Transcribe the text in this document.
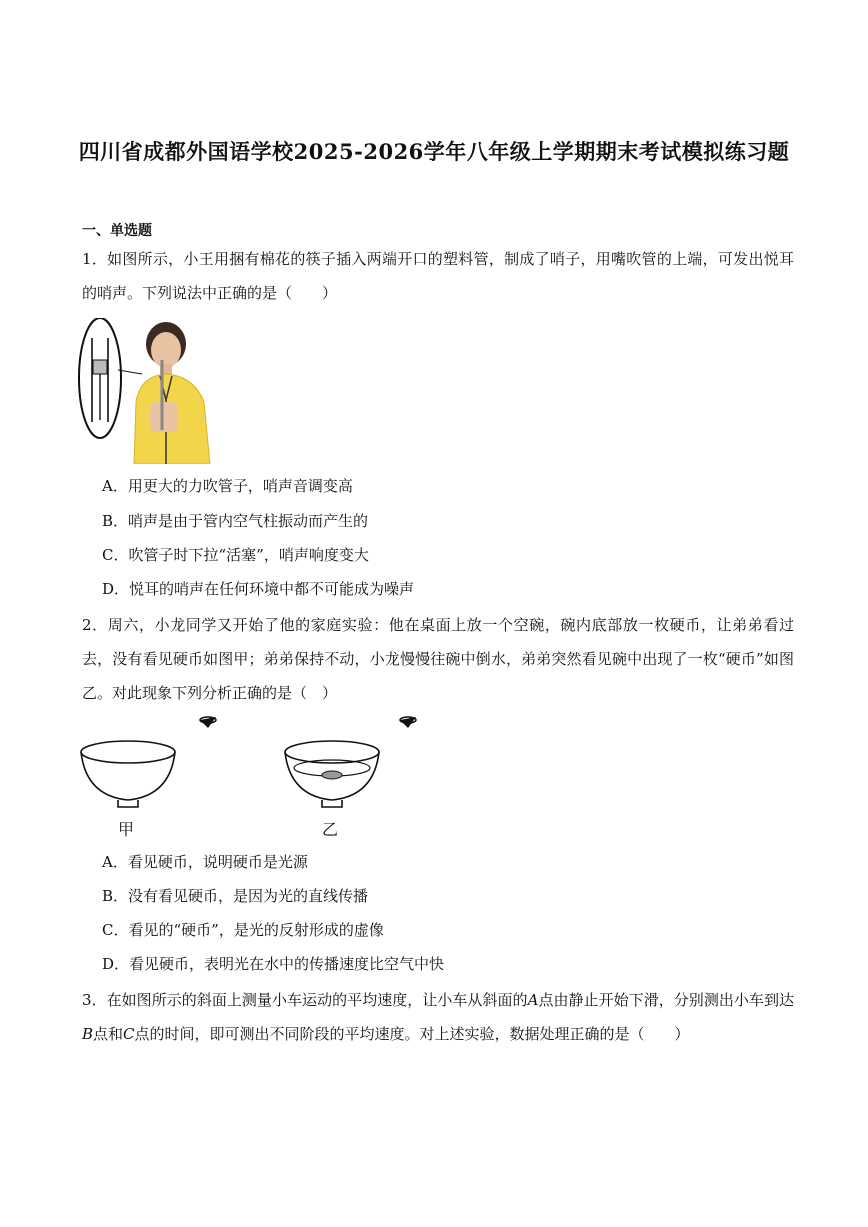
四川省成都外国语学校2025-2026学年八年级上学期期末考试模拟练习题
一、单选题
1．如图所示，小王用捆有棉花的筷子插入两端开口的塑料管，制成了哨子，用嘴吹管的上端，可发出悦耳的哨声。下列说法中正确的是（　　）
A．用更大的力吹管子，哨声音调变高
B．哨声是由于管内空气柱振动而产生的
C．吹管子时下拉“活塞”，哨声响度变大
D．悦耳的哨声在任何环境中都不可能成为噪声
2．周六，小龙同学又开始了他的家庭实验：他在桌面上放一个空碗，碗内底部放一枚硬币，让弟弟看过去，没有看见硬币如图甲；弟弟保持不动，小龙慢慢往碗中倒水，弟弟突然看见碗中出现了一枚“硬币”如图乙。对此现象下列分析正确的是（　）
甲	乙
A．看见硬币，说明硬币是光源
B．没有看见硬币，是因为光的直线传播
C．看见的“硬币”，是光的反射形成的虚像
D．看见硬币，表明光在水中的传播速度比空气中快
3．在如图所示的斜面上测量小车运动的平均速度，让小车从斜面的A点由静止开始下滑，分别测出小车到达B点和C点的时间，即可测出不同阶段的平均速度。对上述实验，数据处理正确的是（　　）
